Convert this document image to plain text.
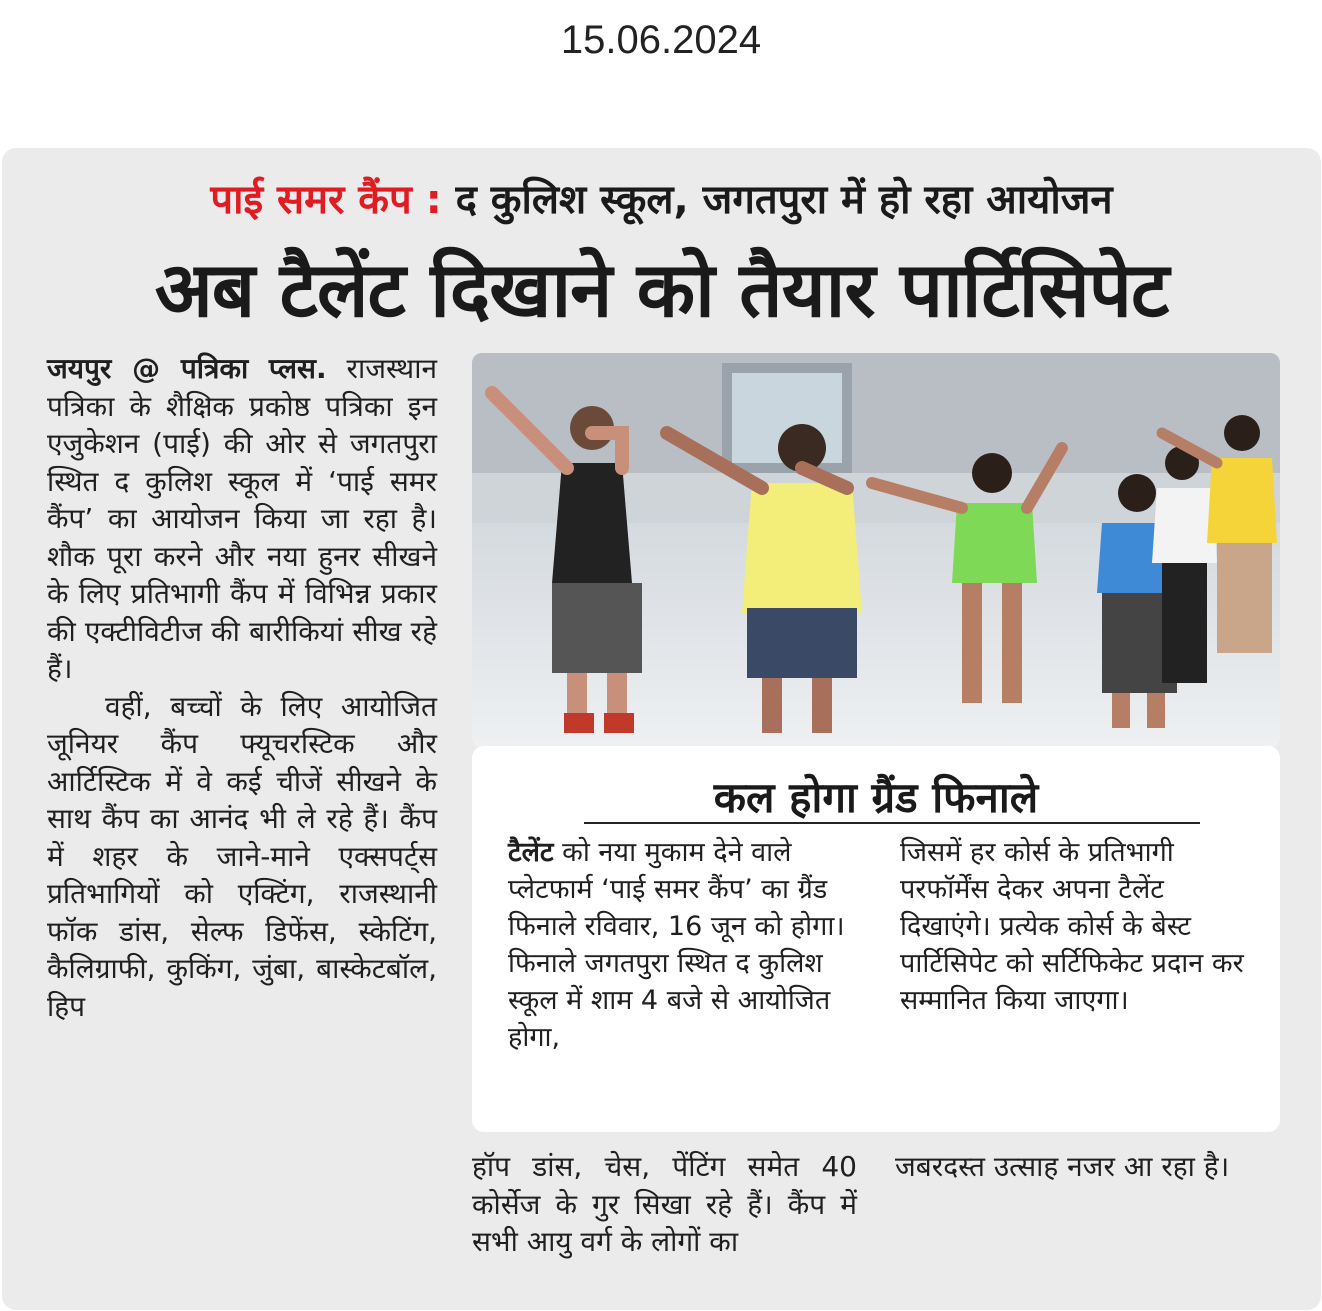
15.06.2024
पाई समर कैंप : द कुलिश स्कूल, जगतपुरा में हो रहा आयोजन
अब टैलेंट दिखाने को तैयार पार्टिसिपेट

जयपुर @ पत्रिका प्लस. राजस्थान पत्रिका के शैक्षिक प्रकोष्ठ पत्रिका इन एजुकेशन (पाई) की ओर से जगतपुरा स्थित द कुलिश स्कूल में ‘पाई समर कैंप’ का आयोजन किया जा रहा है। शौक पूरा करने और नया हुनर सीखने के लिए प्रतिभागी कैंप में विभिन्न प्रकार की एक्टीविटीज की बारीकियां सीख रहे हैं।

वहीं, बच्चों के लिए आयोजित जूनियर कैंप फ्यूचरस्टिक और आर्टिस्टिक में वे कई चीजें सीखने के साथ कैंप का आनंद भी ले रहे हैं। कैंप में शहर के जाने-माने एक्सपर्ट्स प्रतिभागियों को एक्टिंग, राजस्थानी फॉक डांस, सेल्फ डिफेंस, स्केटिंग, कैलिग्राफी, कुकिंग, जुंबा, बास्केटबॉल, हिप

कल होगा ग्रैंड फिनाले
टैलेंट को नया मुकाम देने वाले प्लेटफार्म ‘पाई समर कैंप’ का ग्रैंड फिनाले रविवार, 16 जून को होगा। फिनाले जगतपुरा स्थित द कुलिश स्कूल में शाम 4 बजे से आयोजित होगा,
जिसमें हर कोर्स के प्रतिभागी परफॉर्मेंस देकर अपना टैलेंट दिखाएंगे। प्रत्येक कोर्स के बेस्ट पार्टिसिपेट को सर्टिफिकेट प्रदान कर सम्मानित किया जाएगा।
हॉप डांस, चेस, पेंटिंग समेत 40 कोर्सेज के गुर सिखा रहे हैं। कैंप में सभी आयु वर्ग के लोगों का
जबरदस्त उत्साह नजर आ रहा है।
